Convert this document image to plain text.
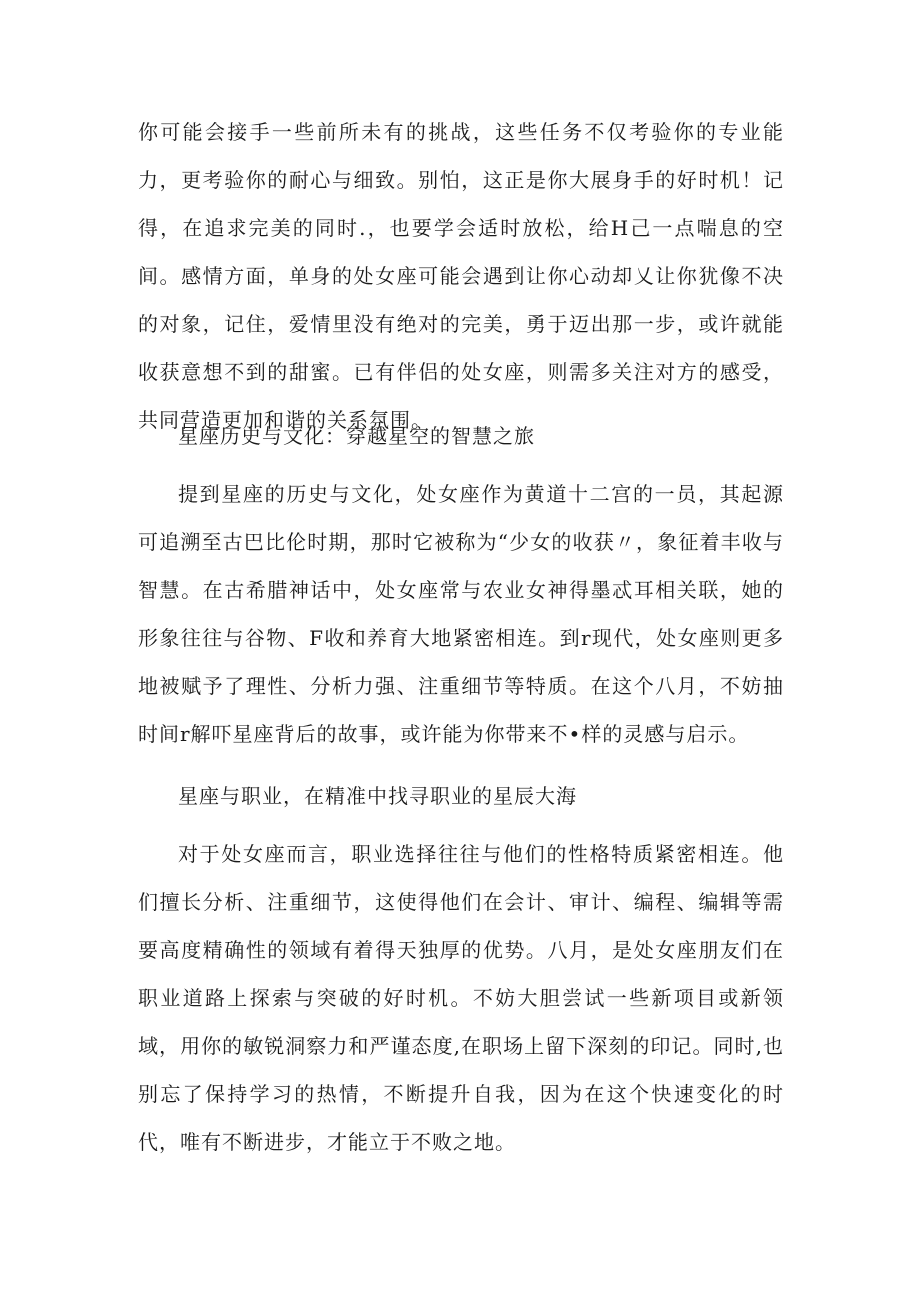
你可能会接手一些前所未有的挑战，这些任务不仅考验你的专业能力，更考验你的耐心与细致。别怕，这正是你大展身手的好时机！记得，在追求完美的同时.，也要学会适时放松，给H己一点喘息的空间。感情方面，单身的处女座可能会遇到让你心动却乂让你犹像不决的对象，记住，爱情里没有绝对的完美，勇于迈出那一步，或许就能收获意想不到的甜蜜。已有伴侣的处女座，则需多关注对方的感受，共同营造更加和谐的关系氛围。

星座历史与文化：穿越星空的智慧之旅

提到星座的历史与文化，处女座作为黄道十二宫的一员，其起源可追溯至古巴比伦时期，那时它被称为“少女的收获〃，象征着丰收与智慧。在古希腊神话中，处女座常与农业女神得墨忒耳相关联，她的形象往往与谷物、F收和养育大地紧密相连。到r现代，处女座则更多地被赋予了理性、分析力强、注重细节等特质。在这个八月，不妨抽时间r解吓星座背后的故事，或许能为你带来不•样的灵感与启示。

星座与职业，在精准中找寻职业的星辰大海

对于处女座而言，职业选择往往与他们的性格特质紧密相连。他们擅长分析、注重细节，这使得他们在会计、审计、编程、编辑等需要高度精确性的领域有着得天独厚的优势。八月，是处女座朋友们在职业道路上探索与突破的好时机。不妨大胆尝试一些新项目或新领域，用你的敏锐洞察力和严谨态度,在职场上留下深刻的印记。同时,也别忘了保持学习的热情，不断提升自我，因为在这个快速变化的时代，唯有不断进步，才能立于不败之地。
